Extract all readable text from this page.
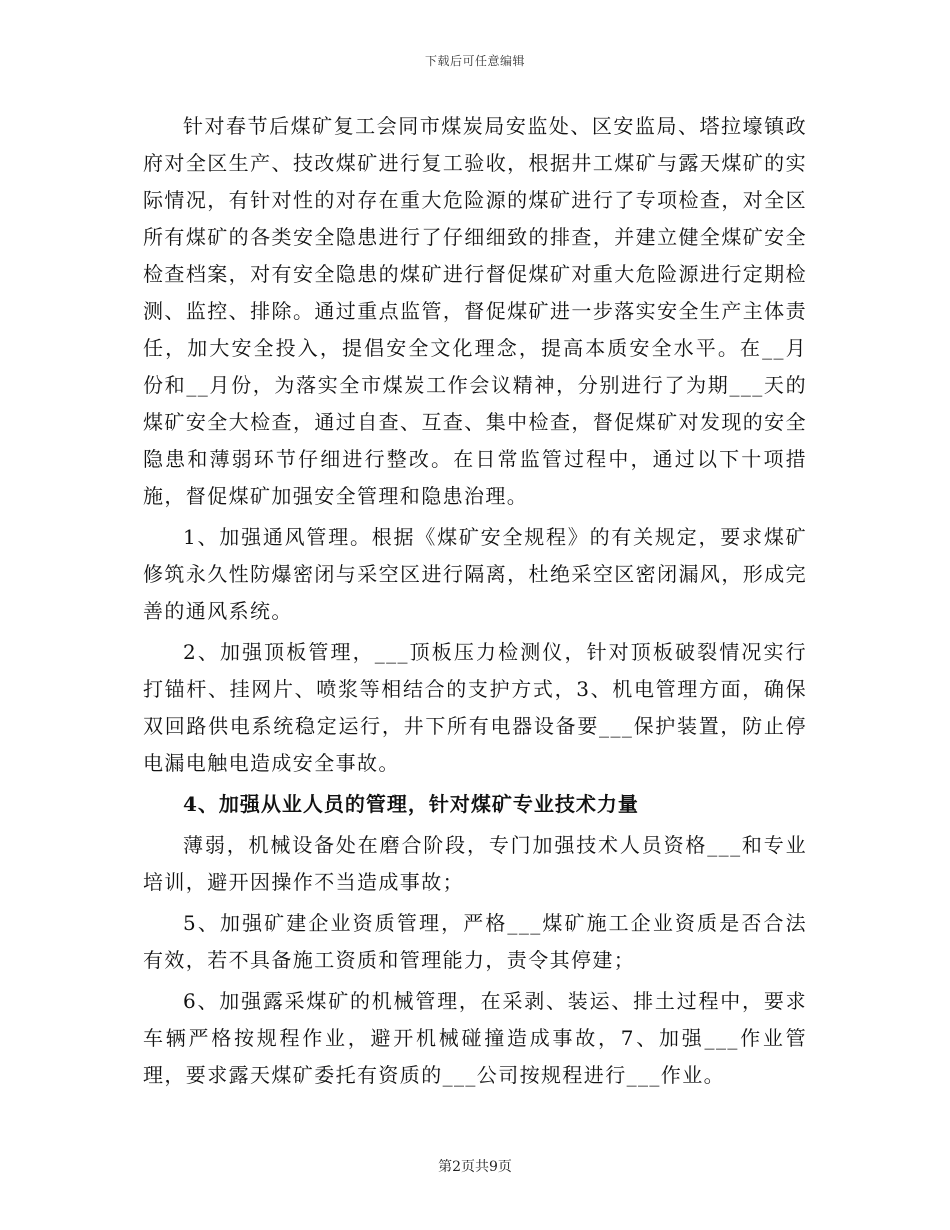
下载后可任意编辑

针对春节后煤矿复工会同市煤炭局安监处、区安监局、塔拉壕镇政府对全区生产、技改煤矿进行复工验收，根据井工煤矿与露天煤矿的实际情况，有针对性的对存在重大危险源的煤矿进行了专项检查，对全区所有煤矿的各类安全隐患进行了仔细细致的排查，并建立健全煤矿安全检查档案，对有安全隐患的煤矿进行督促煤矿对重大危险源进行定期检测、监控、排除。通过重点监管，督促煤矿进一步落实安全生产主体责任，加大安全投入，提倡安全文化理念，提高本质安全水平。在__月份和__月份，为落实全市煤炭工作会议精神，分别进行了为期___天的煤矿安全大检查，通过自查、互查、集中检查，督促煤矿对发现的安全隐患和薄弱环节仔细进行整改。在日常监管过程中，通过以下十项措施，督促煤矿加强安全管理和隐患治理。

1、加强通风管理。根据《煤矿安全规程》的有关规定，要求煤矿修筑永久性防爆密闭与采空区进行隔离，杜绝采空区密闭漏风，形成完善的通风系统。

2、加强顶板管理，___顶板压力检测仪，针对顶板破裂情况实行打锚杆、挂网片、喷浆等相结合的支护方式，3、机电管理方面，确保双回路供电系统稳定运行，井下所有电器设备要___保护装置，防止停电漏电触电造成安全事故。

4、加强从业人员的管理，针对煤矿专业技术力量

薄弱，机械设备处在磨合阶段，专门加强技术人员资格___和专业培训，避开因操作不当造成事故；

5、加强矿建企业资质管理，严格___煤矿施工企业资质是否合法有效，若不具备施工资质和管理能力，责令其停建；

6、加强露采煤矿的机械管理，在采剥、装运、排土过程中，要求车辆严格按规程作业，避开机械碰撞造成事故，7、加强___作业管理，要求露天煤矿委托有资质的___公司按规程进行___作业。

第2页共9页
